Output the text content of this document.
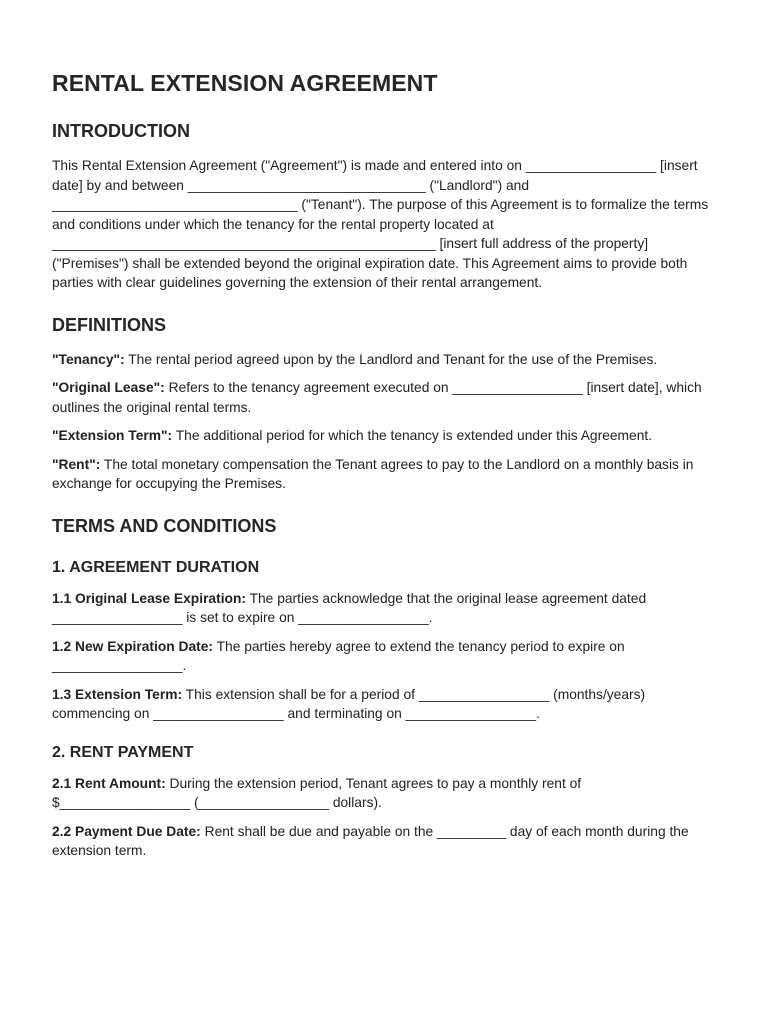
RENTAL EXTENSION AGREEMENT
INTRODUCTION

This Rental Extension Agreement ("Agreement") is made and entered into on _________________ [insert date] by and between _______________________________ ("Landlord") and ________________________________ ("Tenant"). The purpose of this Agreement is to formalize the terms and conditions under which the tenancy for the rental property located at __________________________________________________ [insert full address of the property] ("Premises") shall be extended beyond the original expiration date. This Agreement aims to provide both parties with clear guidelines governing the extension of their rental arrangement.

DEFINITIONS

"Tenancy": The rental period agreed upon by the Landlord and Tenant for the use of the Premises.

"Original Lease": Refers to the tenancy agreement executed on _________________ [insert date], which outlines the original rental terms.

"Extension Term": The additional period for which the tenancy is extended under this Agreement.

"Rent": The total monetary compensation the Tenant agrees to pay to the Landlord on a monthly basis in exchange for occupying the Premises.

TERMS AND CONDITIONS
1. AGREEMENT DURATION

1.1 Original Lease Expiration: The parties acknowledge that the original lease agreement dated _________________ is set to expire on _________________.

1.2 New Expiration Date: The parties hereby agree to extend the tenancy period to expire on _________________.

1.3 Extension Term: This extension shall be for a period of _________________ (months/years) commencing on _________________ and terminating on _________________.

2. RENT PAYMENT

2.1 Rent Amount: During the extension period, Tenant agrees to pay a monthly rent of $_________________ (_________________ dollars).

2.2 Payment Due Date: Rent shall be due and payable on the _________ day of each month during the extension term.
